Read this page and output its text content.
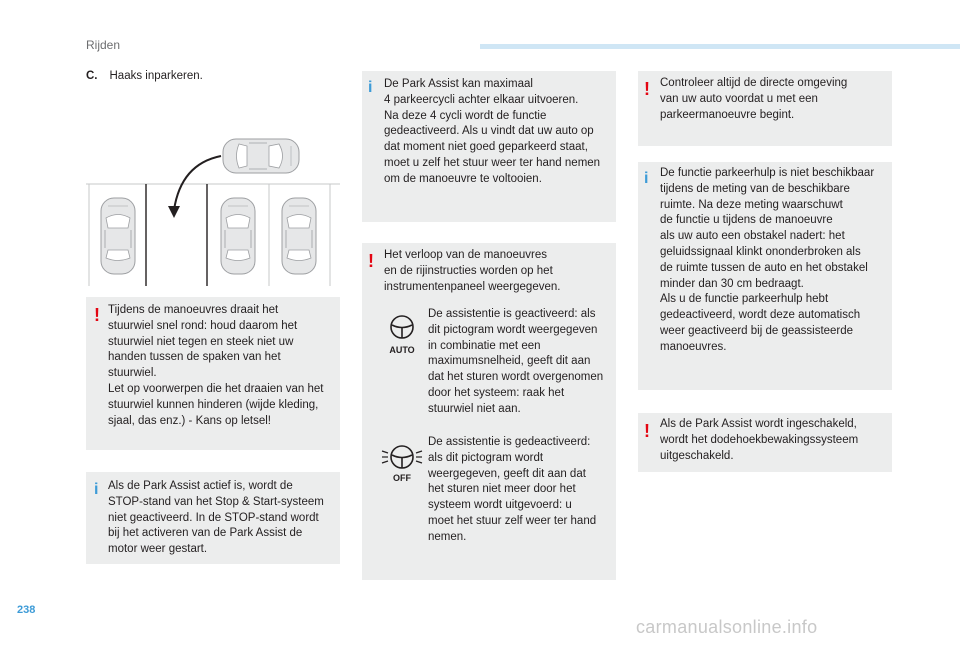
Rijden
C. Haaks inparkeren.
! Tijdens de manoeuvres draait het
stuurwiel snel rond: houd daarom het
stuurwiel niet tegen en steek niet uw
handen tussen de spaken van het
stuurwiel.
Let op voorwerpen die het draaien van het
stuurwiel kunnen hinderen (wijde kleding,
sjaal, das enz.) - Kans op letsel!
i Als de Park Assist actief is, wordt de
STOP-stand van het Stop & Start-systeem
niet geactiveerd. In de STOP-stand wordt
bij het activeren van de Park Assist de
motor weer gestart.
i De Park Assist kan maximaal
4 parkeercycli achter elkaar uitvoeren.
Na deze 4 cycli wordt de functie
gedeactiveerd. Als u vindt dat uw auto op
dat moment niet goed geparkeerd staat,
moet u zelf het stuur weer ter hand nemen
om de manoeuvre te voltooien.
! Het verloop van de manoeuvres
en de rijinstructies worden op het
instrumentenpaneel weergegeven.
AUTO
De assistentie is geactiveerd: als
dit pictogram wordt weergegeven
in combinatie met een
maximumsnelheid, geeft dit aan
dat het sturen wordt overgenomen
door het systeem: raak het
stuurwiel niet aan.
OFF
De assistentie is gedeactiveerd:
als dit pictogram wordt
weergegeven, geeft dit aan dat
het sturen niet meer door het
systeem wordt uitgevoerd: u
moet het stuur zelf weer ter hand
nemen.
! Controleer altijd de directe omgeving
van uw auto voordat u met een
parkeermanoeuvre begint.
i De functie parkeerhulp is niet beschikbaar
tijdens de meting van de beschikbare
ruimte. Na deze meting waarschuwt
de functie u tijdens de manoeuvre
als uw auto een obstakel nadert: het
geluidssignaal klinkt ononderbroken als
de ruimte tussen de auto en het obstakel
minder dan 30 cm bedraagt.
Als u de functie parkeerhulp hebt
gedeactiveerd, wordt deze automatisch
weer geactiveerd bij de geassisteerde
manoeuvres.
! Als de Park Assist wordt ingeschakeld,
wordt het dodehoekbewakingssysteem
uitgeschakeld.
238
carmanualsonline.info
